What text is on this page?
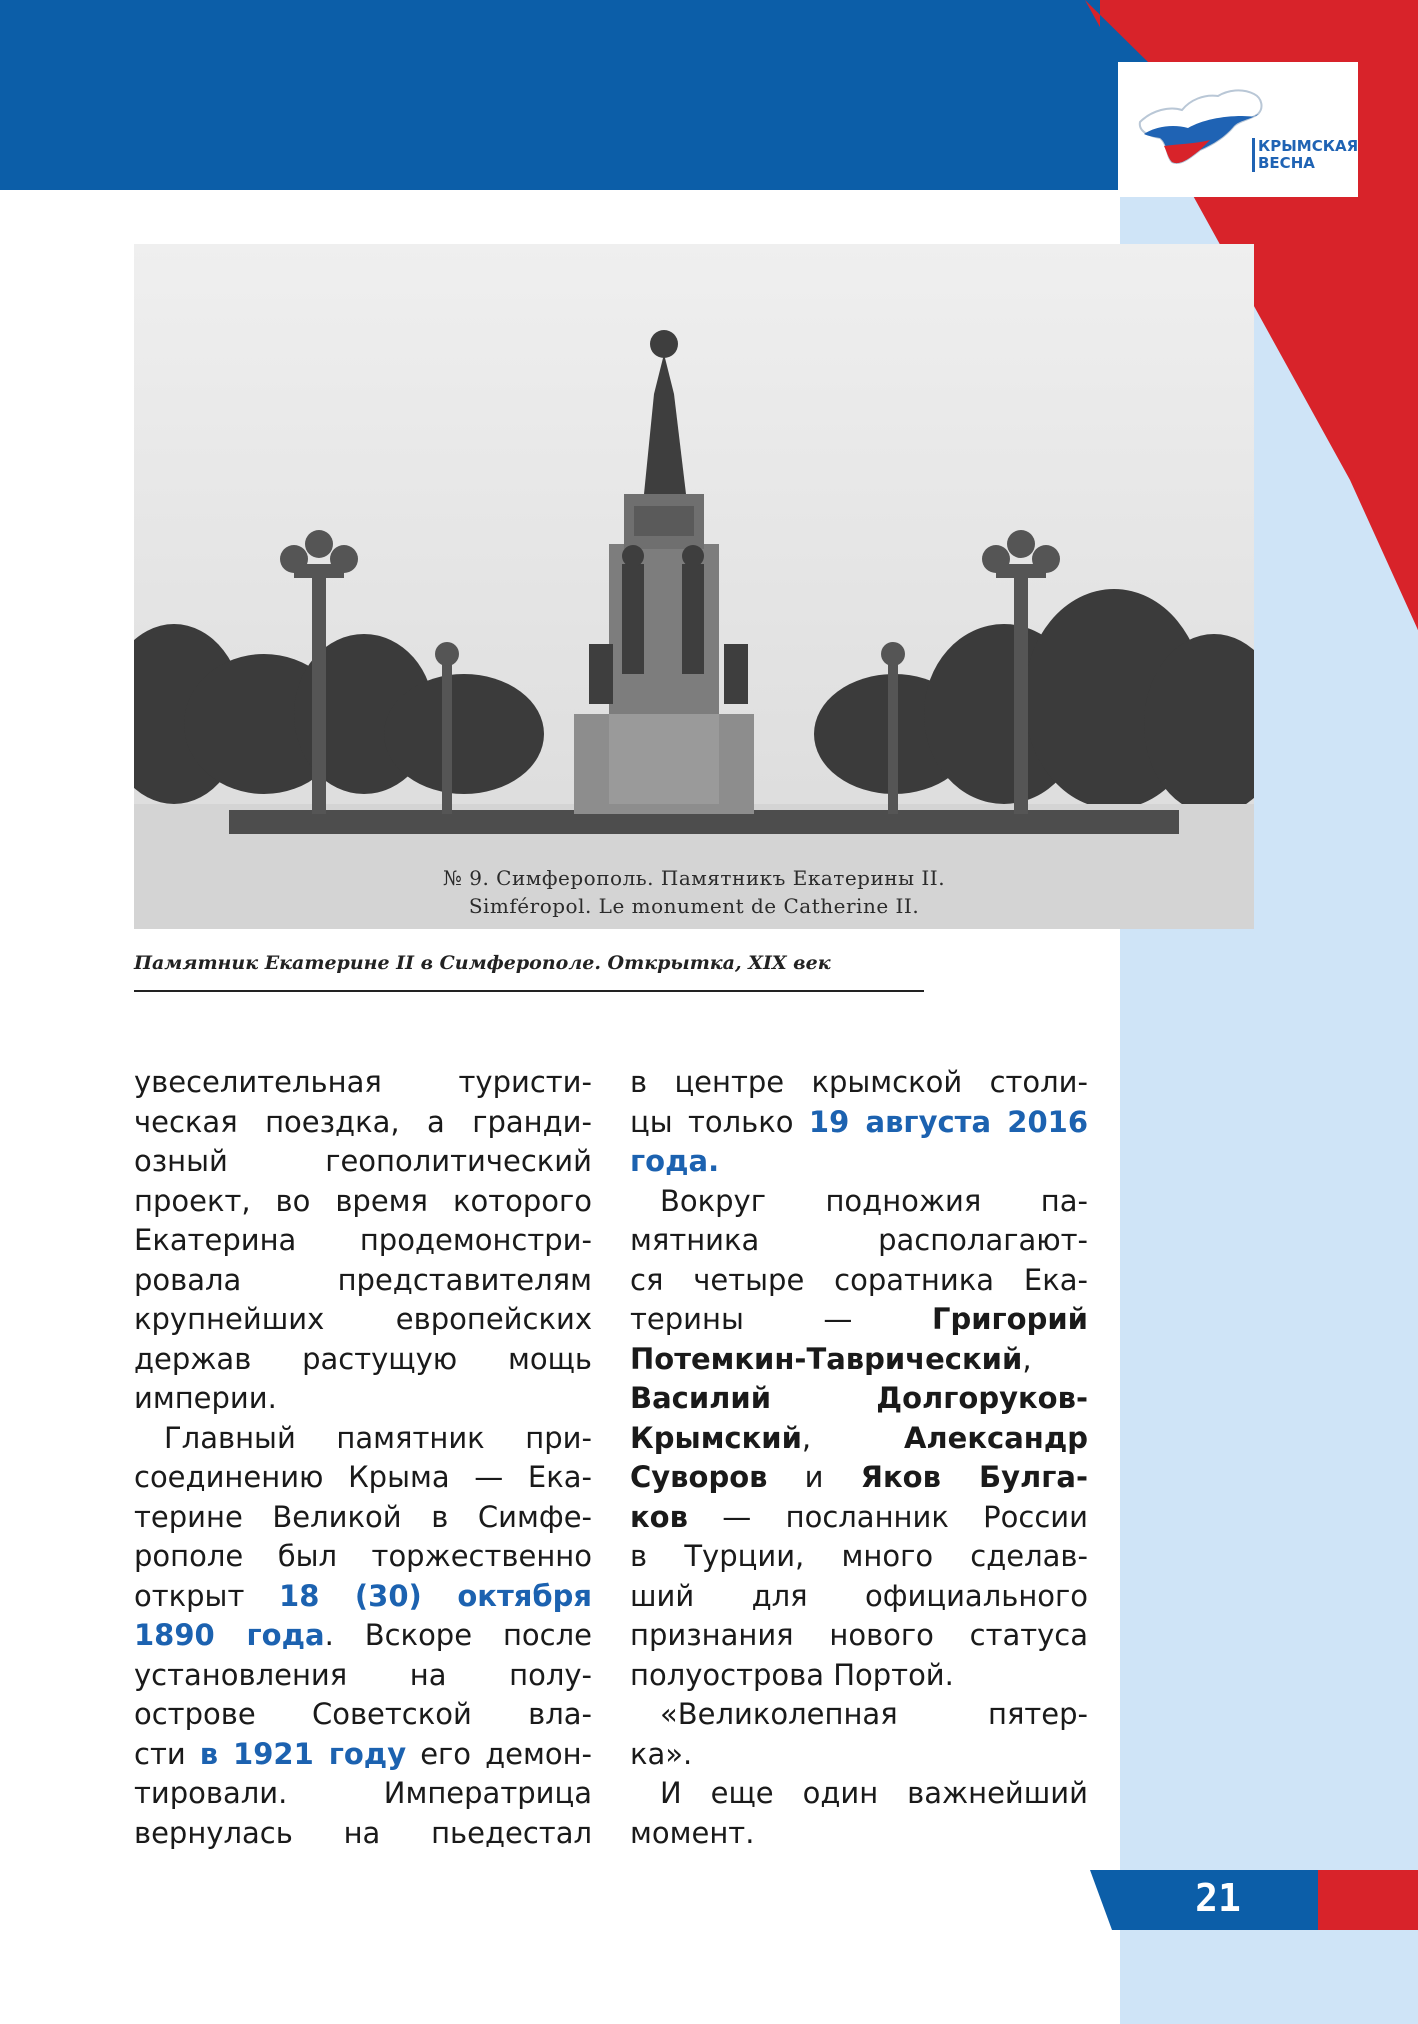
КРЫМСКАЯ
ВЕСНА
№ 9. Симферополь. Памятникъ Екатерины II.
Simféropol. Le monument de Catherine II.
Памятник Екатерине II в Симферополе. Открытка, XIX век
увеселительная туристи-
ческая поездка, а гранди-
озный геополитический
проект, во время которого
Екатерина продемонстри-
ровала представителям
крупнейших европейских
держав растущую мощь
империи.
Главный памятник при-
соединению Крыма — Ека-
терине Великой в Симфе-
рополе был торжественно
открыт 18 (30) октября
1890 года. Вскоре после
установления на полу-
острове Советской вла-
сти в 1921 году его демон-
тировали. Императрица
вернулась на пьедестал
в центре крымской столи-
цы только 19 августа 2016
года.
Вокруг подножия па-
мятника располагают-
ся четыре соратника Ека-
терины —	Григорий
Потемкин-Таврический,
Василий Долгоруков-
Крымский,	Александр
Суворов и Яков Булга-
ков — посланник России
в Турции, много сделав-
ший для официального
признания нового статуса
полуострова Портой.
«Великолепная пятер-
ка».
И еще один важнейший
момент.
21
